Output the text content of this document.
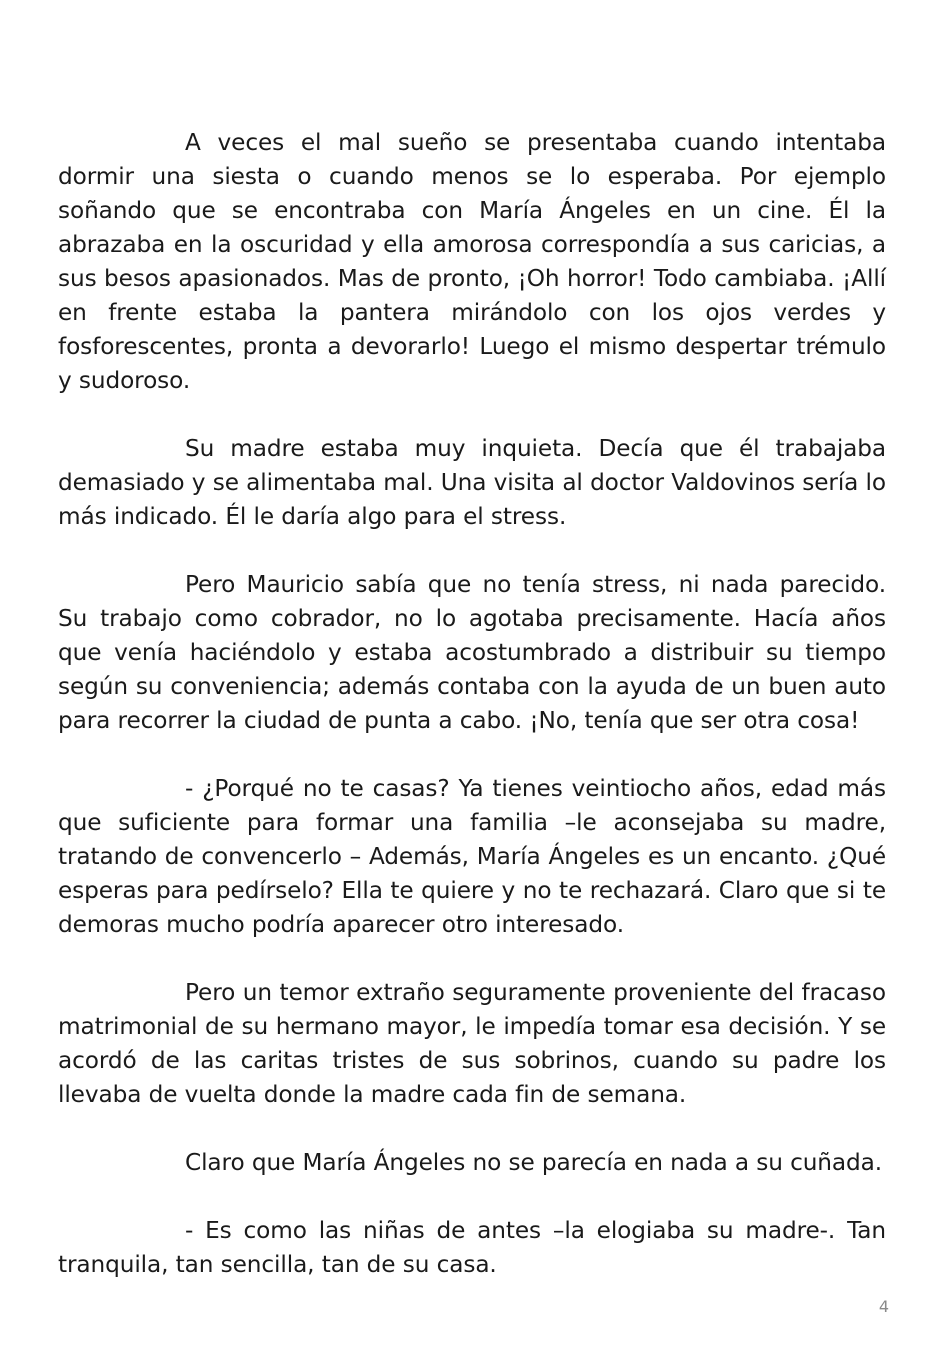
A veces el mal sueño se presentaba cuando intentaba dormir una siesta o cuando menos se lo esperaba. Por ejemplo soñando que se encontraba con María Ángeles en un cine. Él la abrazaba en la oscuridad y ella amorosa correspondía a sus caricias, a sus besos apasionados. Mas de pronto, ¡Oh horror! Todo cambiaba. ¡Allí en frente estaba la pantera mirándolo con los ojos verdes y fosforescentes, pronta a devorarlo! Luego el mismo despertar trémulo y sudoroso.

Su madre estaba muy inquieta. Decía que él trabajaba demasiado y se alimentaba mal. Una visita al doctor Valdovinos sería lo más indicado. Él le daría algo para el stress.

Pero Mauricio sabía que no tenía stress, ni nada parecido. Su trabajo como cobrador, no lo agotaba precisamente. Hacía años que venía haciéndolo y estaba acostumbrado a distribuir su tiempo según su conveniencia; además contaba con la ayuda de un buen auto para recorrer la ciudad de punta a cabo. ¡No, tenía que ser otra cosa!

- ¿Porqué no te casas? Ya tienes veintiocho años, edad más que suficiente para formar una familia –le aconsejaba su madre, tratando de convencerlo – Además, María Ángeles es un encanto. ¿Qué esperas para pedírselo? Ella te quiere y no te rechazará. Claro que si te demoras mucho podría aparecer otro interesado.

Pero un temor extraño seguramente proveniente del fracaso matrimonial de su hermano mayor, le impedía tomar esa decisión. Y se acordó de las caritas tristes de sus sobrinos, cuando su padre los llevaba de vuelta donde la madre cada fin de semana.

Claro que María Ángeles no se parecía en nada a su cuñada.

- Es como las niñas de antes –la elogiaba su madre-. Tan tranquila, tan sencilla, tan de su casa.

4
